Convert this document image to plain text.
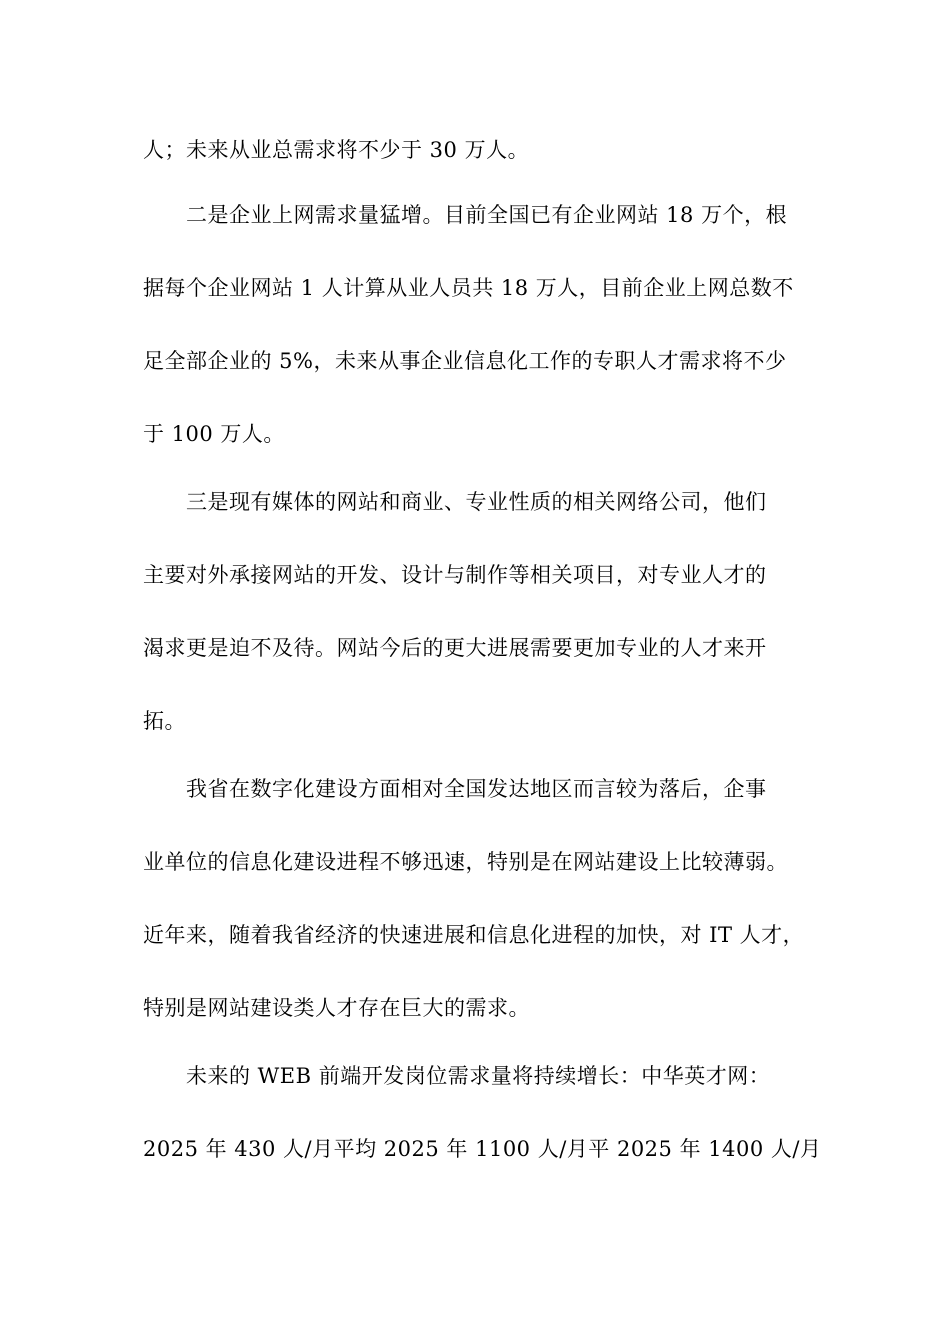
人；未来从业总需求将不少于 30 万人。
二是企业上网需求量猛增。目前全国已有企业网站 18 万个，根
据每个企业网站 1 人计算从业人员共 18 万人，目前企业上网总数不
足全部企业的 5%，未来从事企业信息化工作的专职人才需求将不少
于 100 万人。
三是现有媒体的网站和商业、专业性质的相关网络公司，他们
主要对外承接网站的开发、设计与制作等相关项目，对专业人才的
渴求更是迫不及待。网站今后的更大进展需要更加专业的人才来开
拓。
我省在数字化建设方面相对全国发达地区而言较为落后，企事
业单位的信息化建设进程不够迅速，特别是在网站建设上比较薄弱。
近年来，随着我省经济的快速进展和信息化进程的加快，对 IT 人才，
特别是网站建设类人才存在巨大的需求。
未来的 WEB 前端开发岗位需求量将持续增长：中华英才网：
2025 年 430 人/月平均 2025 年 1100 人/月平 2025 年 1400 人/月
